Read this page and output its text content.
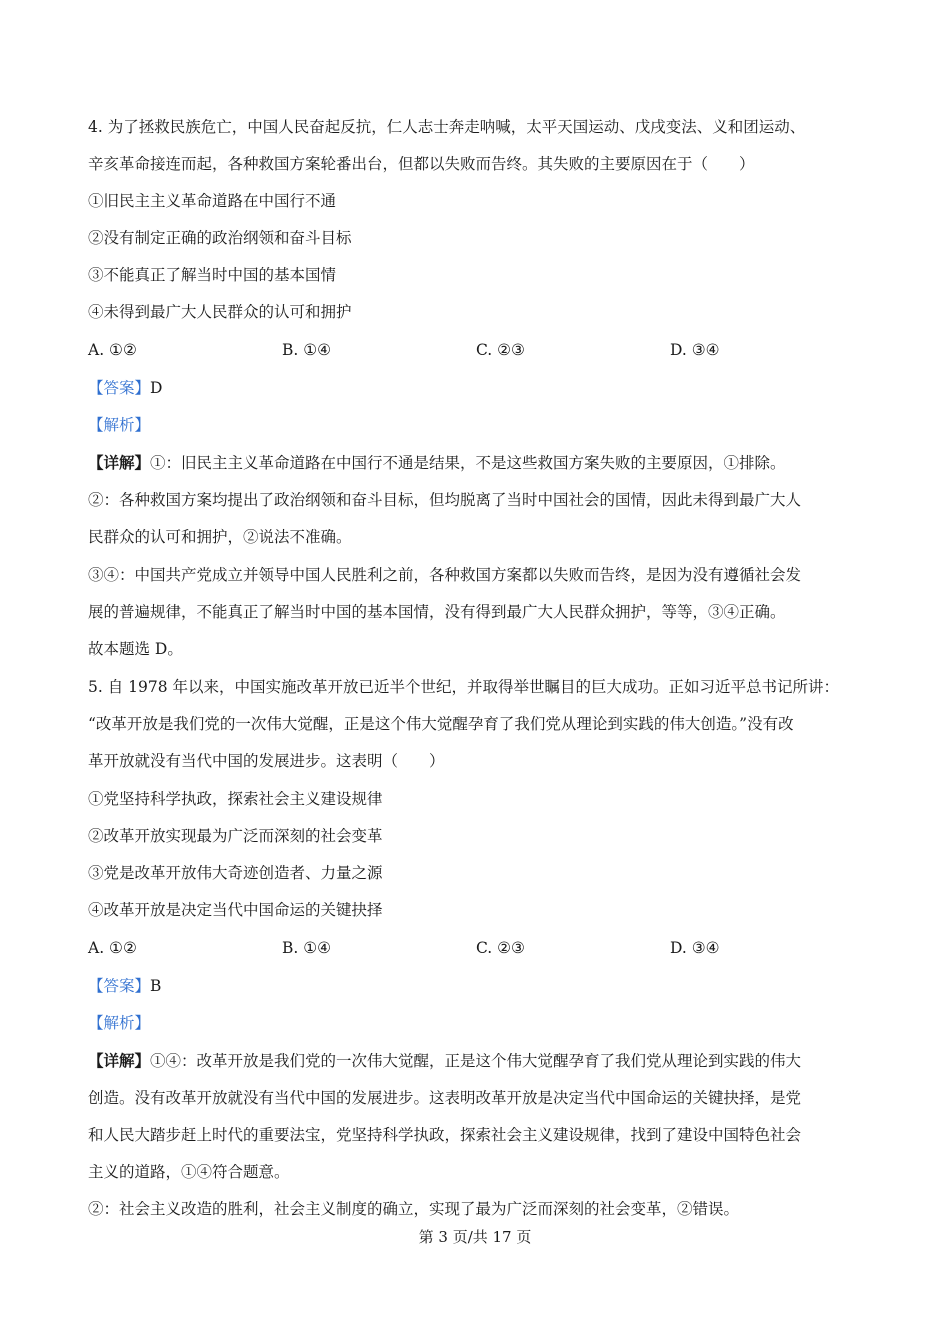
4. 为了拯救民族危亡，中国人民奋起反抗，仁人志士奔走呐喊，太平天国运动、戊戌变法、义和团运动、
辛亥革命接连而起，各种救国方案轮番出台，但都以失败而告终。其失败的主要原因在于（　　）
①旧民主主义革命道路在中国行不通
②没有制定正确的政治纲领和奋斗目标
③不能真正了解当时中国的基本国情
④未得到最广大人民群众的认可和拥护
A. ①②	B. ①④	C. ②③	D. ③④
【答案】D
【解析】
【详解】①：旧民主主义革命道路在中国行不通是结果，不是这些救国方案失败的主要原因，①排除。
②：各种救国方案均提出了政治纲领和奋斗目标，但均脱离了当时中国社会的国情，因此未得到最广大人
民群众的认可和拥护，②说法不准确。
③④：中国共产党成立并领导中国人民胜利之前，各种救国方案都以失败而告终，是因为没有遵循社会发
展的普遍规律，不能真正了解当时中国的基本国情，没有得到最广大人民群众拥护，等等，③④正确。
故本题选 D。
5. 自 1978 年以来，中国实施改革开放已近半个世纪，并取得举世瞩目的巨大成功。正如习近平总书记所讲：
“改革开放是我们党的一次伟大觉醒，正是这个伟大觉醒孕育了我们党从理论到实践的伟大创造。”没有改
革开放就没有当代中国的发展进步。这表明（　　）
①党坚持科学执政，探索社会主义建设规律
②改革开放实现最为广泛而深刻的社会变革
③党是改革开放伟大奇迹创造者、力量之源
④改革开放是决定当代中国命运的关键抉择
A. ①②	B. ①④	C. ②③	D. ③④
【答案】B
【解析】
【详解】①④：改革开放是我们党的一次伟大觉醒，正是这个伟大觉醒孕育了我们党从理论到实践的伟大
创造。没有改革开放就没有当代中国的发展进步。这表明改革开放是决定当代中国命运的关键抉择，是党
和人民大踏步赶上时代的重要法宝，党坚持科学执政，探索社会主义建设规律，找到了建设中国特色社会
主义的道路，①④符合题意。
②：社会主义改造的胜利，社会主义制度的确立，实现了最为广泛而深刻的社会变革，②错误。
第 3 页/共 17 页
